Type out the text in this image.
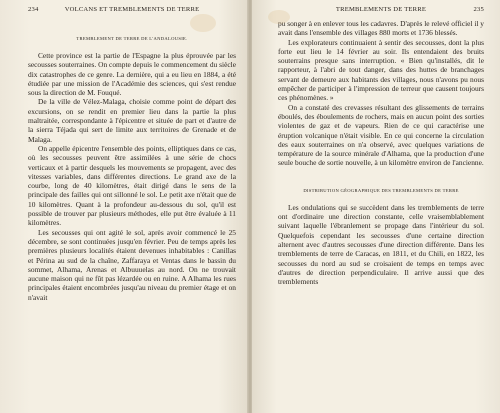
234	VOLCANS ET TREMBLEMENTS DE TERRE
TREMBLEMENT DE TERRE DE L'ANDALOUSIE.

Cette province est la partie de l'Espagne la plus éprouvée par les secousses souterraines. On compte depuis le commencement du siècle dix catastrophes de ce genre. La dernière, qui a eu lieu en 1884, a été étudiée par une mission de l'Académie des sciences, qui s'est rendue sous la direction de M. Fouqué.

De la ville de Vélez-Malaga, choisie comme point de départ des excursions, on se rendit en premier lieu dans la partie la plus maltraitée, correspondante à l'épicentre et située de part et d'autre de la sierra Téjada qui sert de limite aux territoires de Grenade et de Malaga.

On appelle épicentre l'ensemble des points, elliptiques dans ce cas, où les secousses peuvent être assimilées à une série de chocs verticaux et à partir desquels les mouvements se propagent, avec des vitesses variables, dans différentes directions. Le grand axe de la courbe, long de 40 kilomètres, était dirigé dans le sens de la principale des failles qui ont sillonné le sol. Le petit axe n'était que de 10 kilomètres. Quant à la profondeur au-dessous du sol, qu'il est possible de trouver par plusieurs méthodes, elle put être évaluée à 11 kilomètres.

Les secousses qui ont agité le sol, après avoir commencé le 25 décembre, se sont continuées jusqu'en février. Peu de temps après les premières plusieurs localités étaient devenues inhabitables : Canillas et Périna au sud de la chaîne, Zaffaraya et Ventas dans le bassin du sommet, Alhama, Arenas et Albuuuelas au nord. On ne trouvait aucune maison qui ne fût pas lézardée ou en ruine. A Alhama les rues principales étaient encombrées jusqu'au niveau du premier étage et on n'avait

TREMBLEMENTS DE TERRE	235

pu songer à en enlever tous les cadavres. D'après le relevé officiel il y avait dans l'ensemble des villages 880 morts et 1736 blessés.

Les explorateurs continuaient à sentir des secousses, dont la plus forte eut lieu le 14 février au soir. Ils entendaient des bruits souterrains presque sans interruption. « Bien qu'installés, dit le rapporteur, à l'abri de tout danger, dans des huttes de branchages servant de demeure aux habitants des villages, nous n'avons pu nous empêcher de participer à l'impression de terreur que causent toujours ces phénomènes. »

On a constaté des crevasses résultant des glissements de terrains éboulés, des éboulements de rochers, mais en aucun point des sorties violentes de gaz et de vapeurs. Rien de ce qui caractérise une éruption volcanique n'était visible. En ce qui concerne la circulation des eaux souterraines on n'a observé, avec quelques variations de température de la source minérale d'Alhama, que la production d'une seule bouche de sortie nouvelle, à un kilomètre environ de l'ancienne.

DISTRIBUTION GÉOGRAPHIQUE DES TREMBLEMENTS DE TERRE

Les ondulations qui se succèdent dans les tremblements de terre ont d'ordinaire une direction constante, celle vraisemblablement suivant laquelle l'ébranlement se propage dans l'intérieur du sol. Quelquefois cependant les secousses d'une certaine direction alternent avec d'autres secousses d'une direction différente. Dans les tremblements de terre de Caracas, en 1811, et du Chili, en 1822, les secousses du nord au sud se croisaient de temps en temps avec d'autres de direction perpendiculaire. Il arrive aussi que des tremblements
